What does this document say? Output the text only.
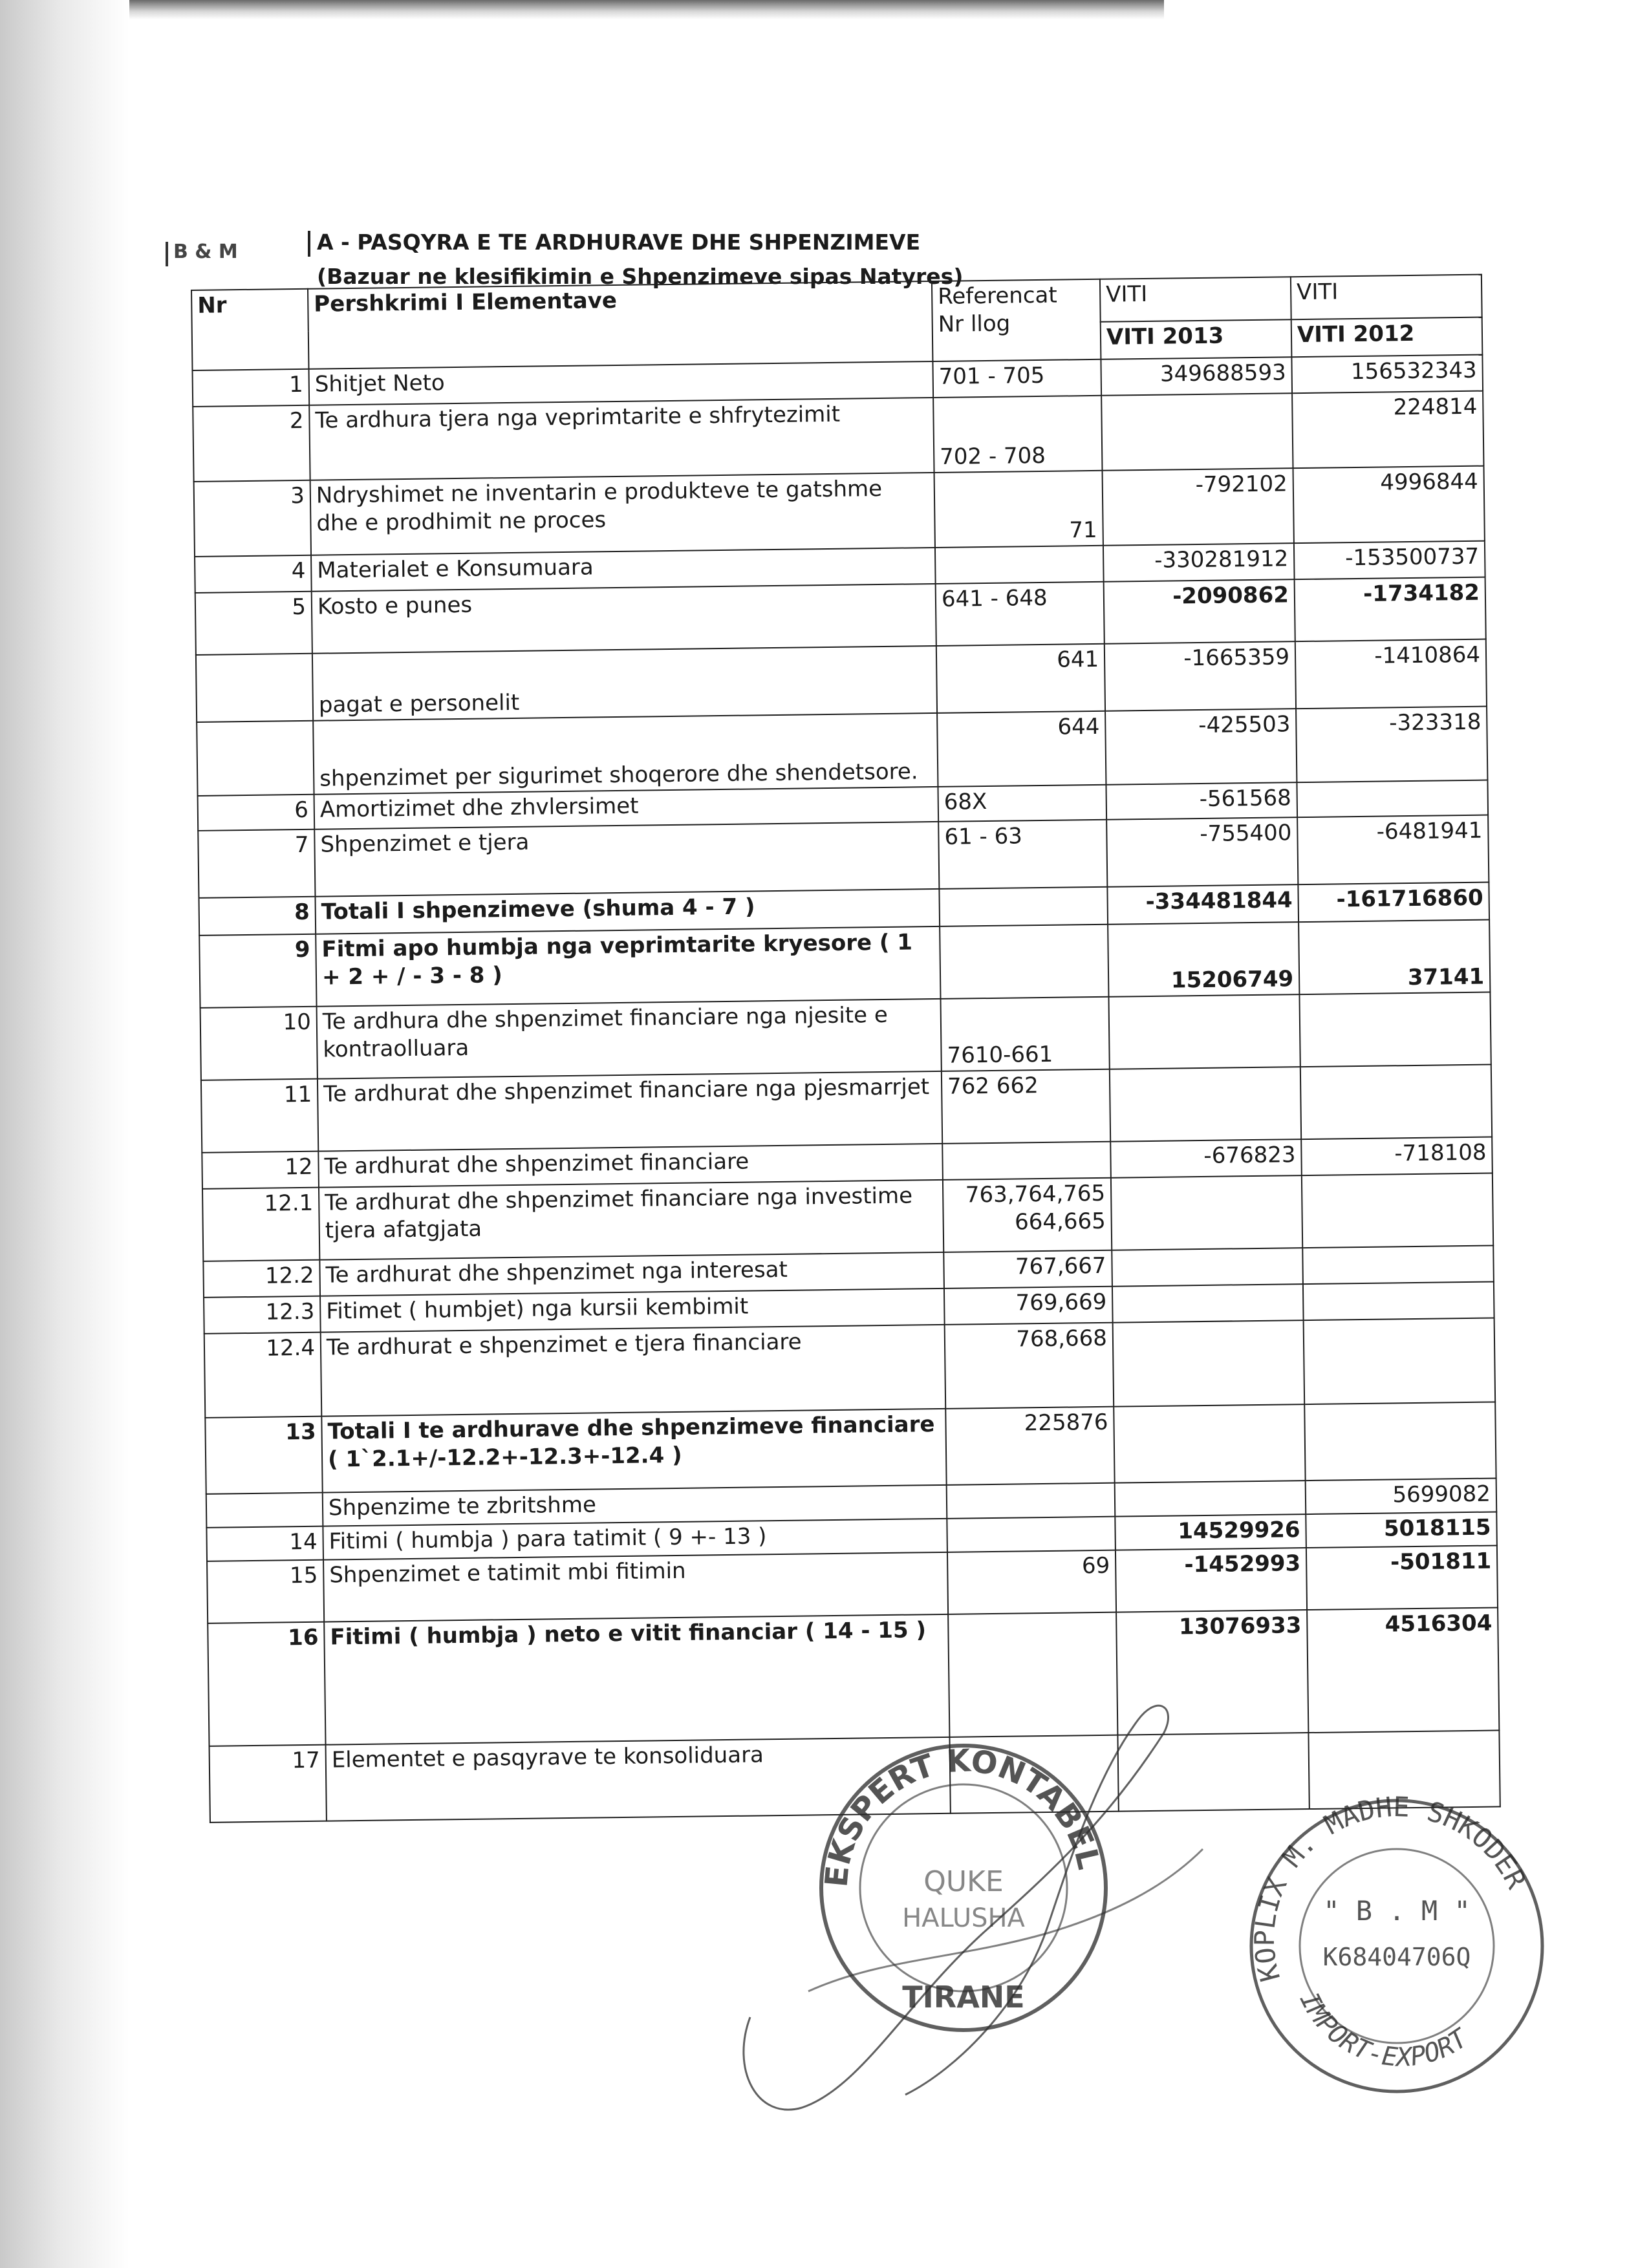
B & M	A - PASQYRA E TE ARDHURAVE DHE SHPENZIMEVE
(Bazuar ne klesifikimin e Shpenzimeve sipas Natyres)
Nr	Pershkrimi I Elementave	Referencat
Nr llog	VITI	VITI
			VITI 2013	VITI 2012
1	Shitjet Neto	701 - 705	349688593	156532343
2	Te ardhura tjera nga veprimtarite e shfrytezimit	702 - 708		224814
3	Ndryshimet ne inventarin e produkteve te gatshme dhe e prodhimit ne proces	71	-792102	4996844
4	Materialet e Konsumuara		-330281912	-153500737
5	Kosto e punes	641 - 648	-2090862	-1734182
	pagat e personelit	641	-1665359	-1410864
	shpenzimet per sigurimet shoqerore dhe shendetsore.	644	-425503	-323318
6	Amortizimet dhe zhvlersimet	68X	-561568	
7	Shpenzimet e tjera	61 - 63	-755400	-6481941
8	Totali I shpenzimeve (shuma 4 - 7 )		-334481844	-161716860
9	Fitmi apo humbja nga veprimtarite kryesore ( 1 + 2 + / - 3 - 8 )		15206749	37141
10	Te ardhura dhe shpenzimet financiare nga njesite e kontraolluara	7610-661		
11	Te ardhurat dhe shpenzimet financiare nga pjesmarrjet	762 662		
12	Te ardhurat dhe shpenzimet financiare		-676823	-718108
12.1	Te ardhurat dhe shpenzimet financiare nga investime tjera afatgjata	763,764,765
664,665		

12.2	Te ardhurat dhe shpenzimet nga interesat	767,667		
12.3	Fitimet ( humbjet) nga kursii kembimit	769,669		
12.4	Te ardhurat e shpenzimet e tjera financiare	768,668		
13	Totali I te ardhurave dhe shpenzimeve financiare ( 1`2.1+/-12.2+-12.3+-12.4 )	225876		
	Shpenzime te zbritshme			5699082
14	Fitimi ( humbja ) para tatimit ( 9 +- 13 )		14529926	5018115
15	Shpenzimet e tatimit mbi fitimin	69	-1452993	-501811
16	Fitimi ( humbja ) neto e vitit financiar ( 14 - 15 )		13076933	4516304
17	Elementet e pasqyrave te konsoliduara			
EKSPERT KONTABEL
QUKE
HALUSHA
TIRANE
KOPLIX M. MADHE SHKODER
" B . M "
K68404706Q
IMPORT-EXPORT
